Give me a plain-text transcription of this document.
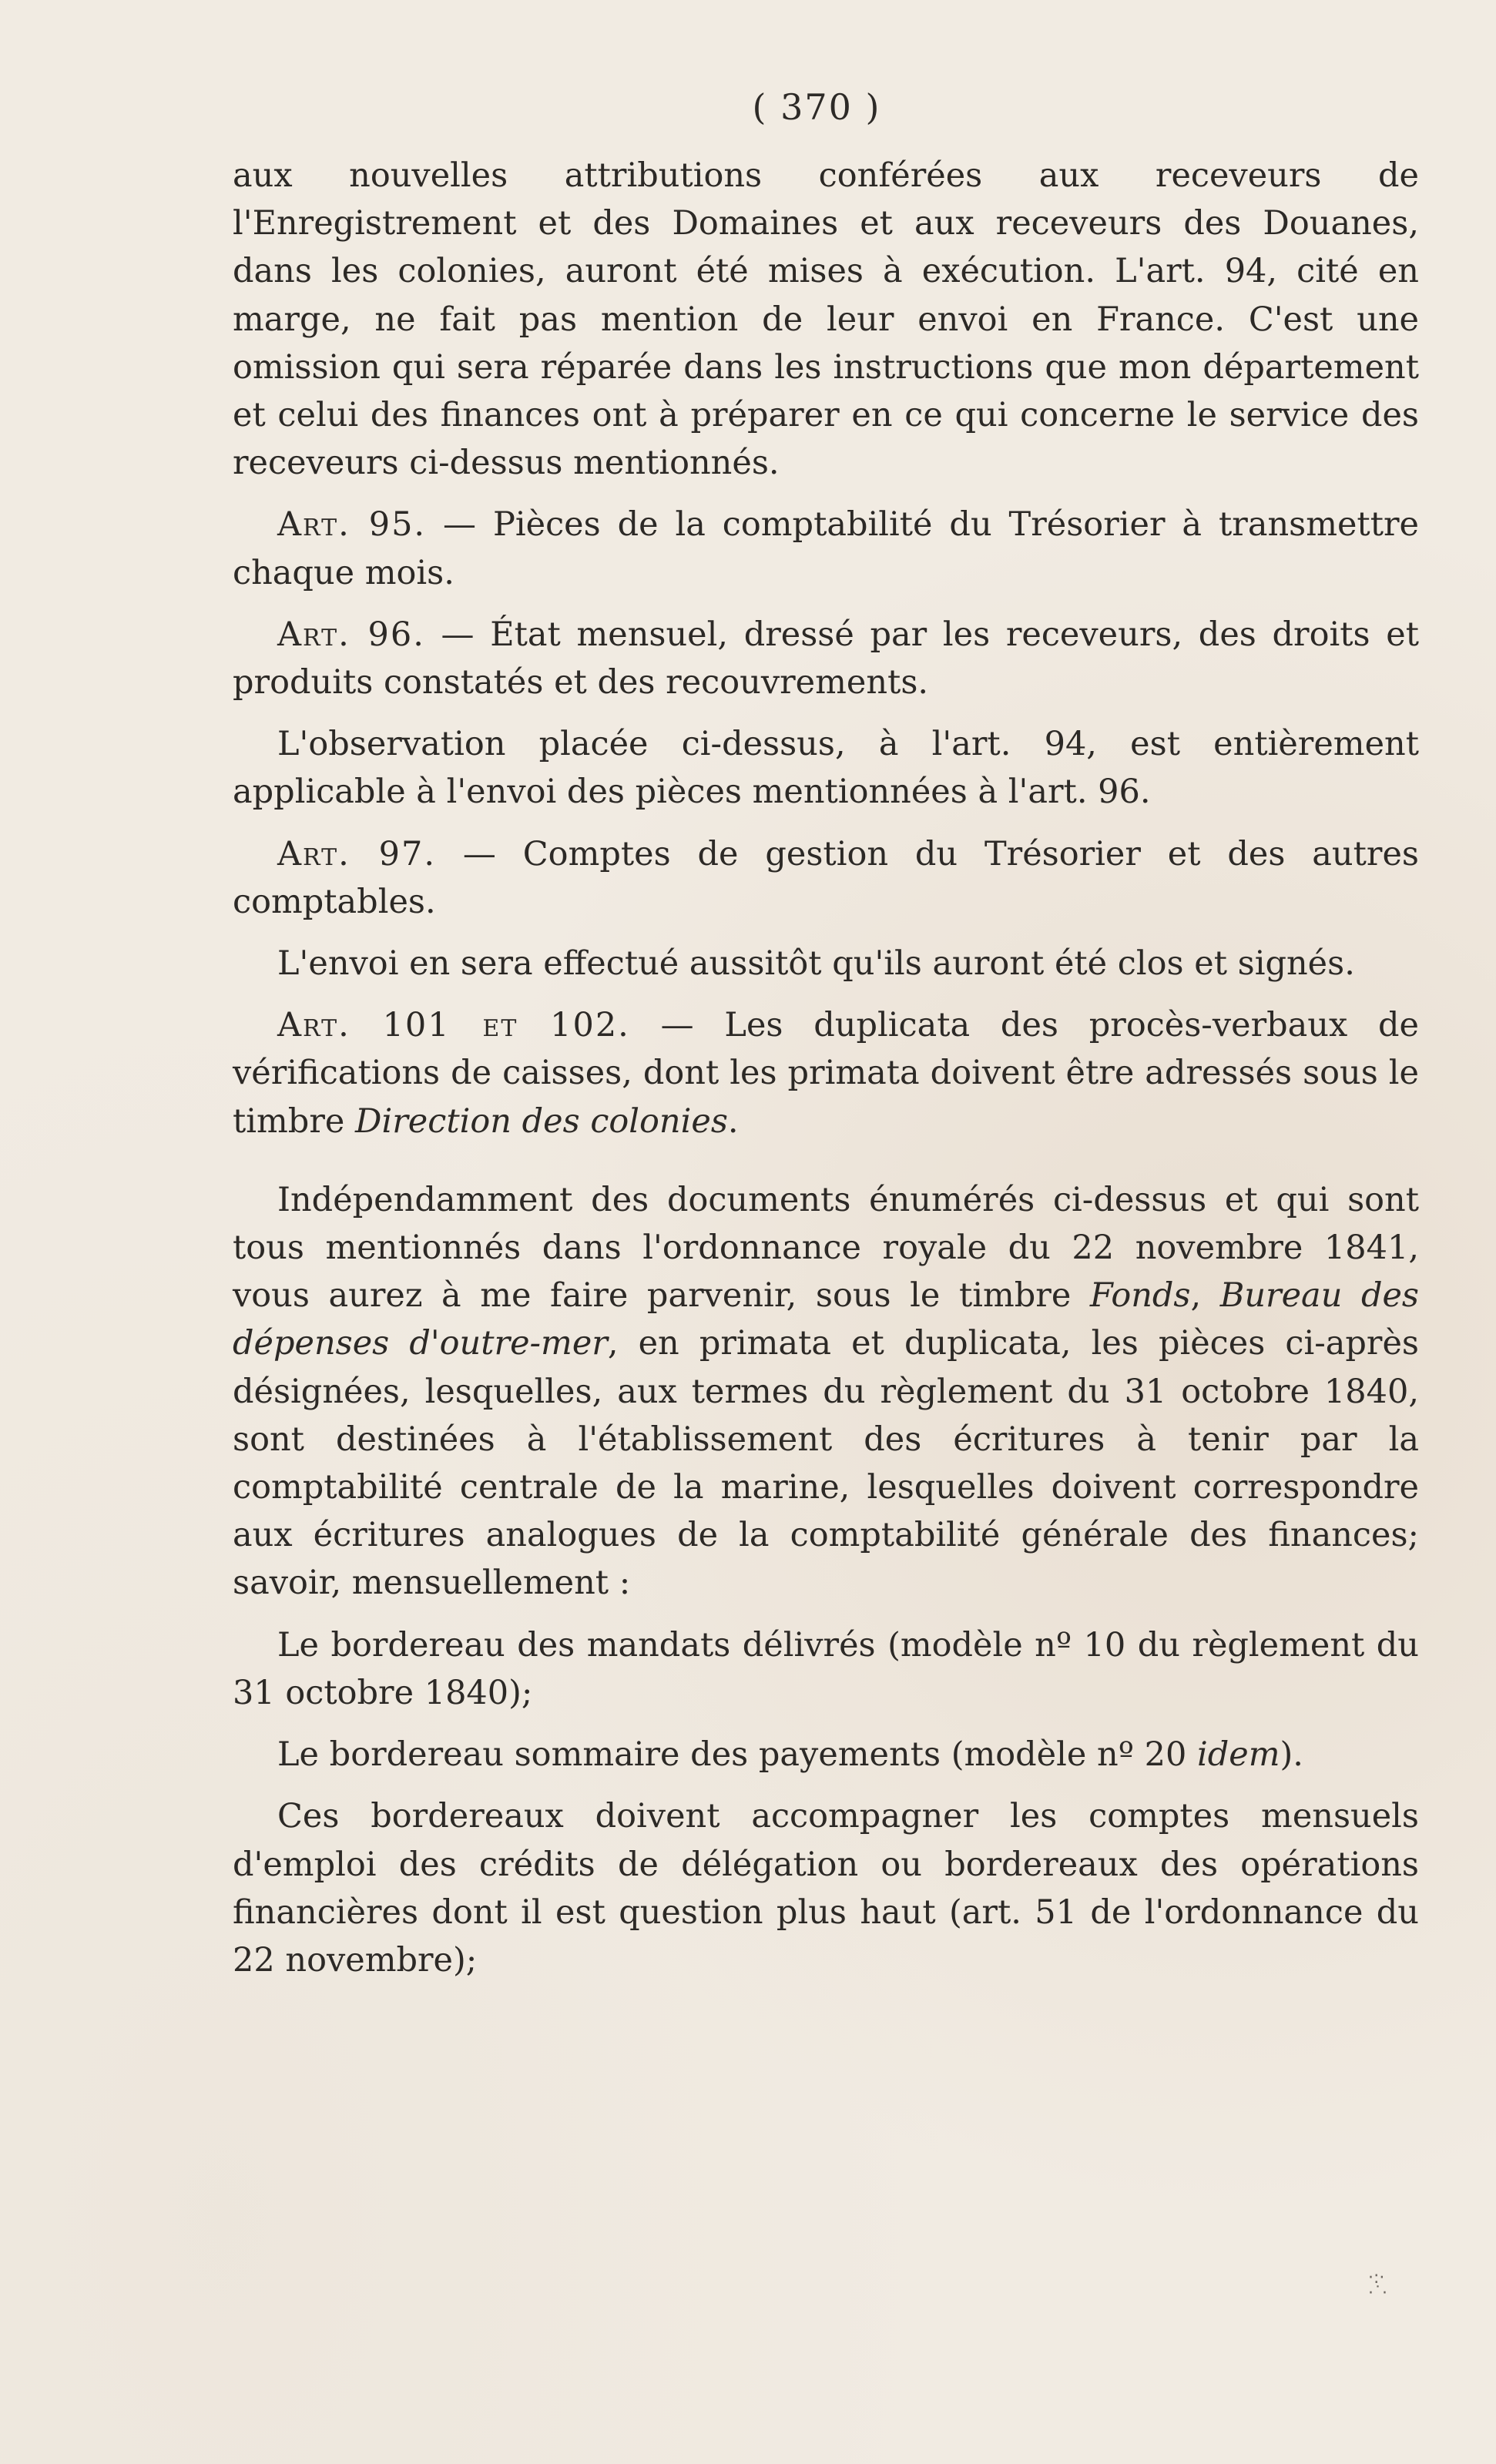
( 370 )

aux nouvelles attributions conférées aux receveurs de l'Enregistrement et des Domaines et aux receveurs des Douanes, dans les colonies, auront été mises à exécution. L'art. 94, cité en marge, ne fait pas mention de leur envoi en France. C'est une omission qui sera réparée dans les instructions que mon département et celui des finances ont à préparer en ce qui concerne le service des receveurs ci-dessus mentionnés.

Art. 95. — Pièces de la comptabilité du Trésorier à transmettre chaque mois.

Art. 96. — État mensuel, dressé par les receveurs, des droits et produits constatés et des recouvrements.

L'observation placée ci-dessus, à l'art. 94, est entièrement applicable à l'envoi des pièces mentionnées à l'art. 96.

Art. 97. — Comptes de gestion du Trésorier et des autres comptables.

L'envoi en sera effectué aussitôt qu'ils auront été clos et signés.

Art. 101 et 102. — Les duplicata des procès-verbaux de vérifications de caisses, dont les primata doivent être adressés sous le timbre Direction des colonies.

Indépendamment des documents énumérés ci-dessus et qui sont tous mentionnés dans l'ordonnance royale du 22 novembre 1841, vous aurez à me faire parvenir, sous le timbre Fonds, Bureau des dépenses d'outre-mer, en primata et duplicata, les pièces ci-après désignées, lesquelles, aux termes du règlement du 31 octobre 1840, sont destinées à l'établissement des écritures à tenir par la comptabilité centrale de la marine, lesquelles doivent correspondre aux écritures analogues de la comptabilité générale des finances; savoir, mensuellement :

Le bordereau des mandats délivrés (modèle nº 10 du règlement du 31 octobre 1840);

Le bordereau sommaire des payements (modèle nº 20 idem).

Ces bordereaux doivent accompagner les comptes mensuels d'emploi des crédits de délégation ou bordereaux des opérations financières dont il est question plus haut (art. 51 de l'ordonnance du 22 novembre);

·:·
·˙·
